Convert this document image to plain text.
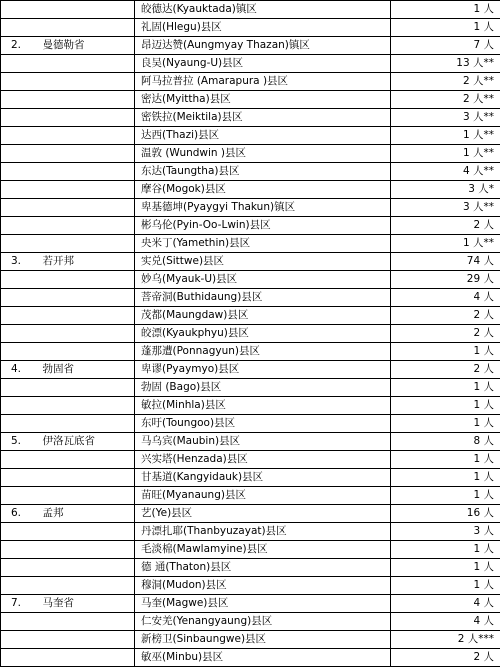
		皎德达(Kyauktada)镇区	1 人
		礼固(Hlegu)县区	1 人
2.	曼德勒省	昂迈达赞(Aungmyay Thazan)镇区	7 人
		良吴(Nyaung-U)县区	13 人**
		阿马拉普拉 (Amarapura )县区	2 人**
		密达(Myittha)县区	2 人**
		密铁拉(Meiktila)县区	3 人**
		达西(Thazi)县区	1 人**
		温敦 (Wundwin )县区	1 人**
		东达(Taungtha)县区	4 人**
		摩谷(Mogok)县区	3 人*
		卑基德坤(Pyaygyi Thakun)镇区	3 人**
		彬乌伦(Pyin-Oo-Lwin)县区	2 人
		央米丁(Yamethin)县区	1 人**
3.	若开邦	实兑(Sittwe)县区	74 人
		妙乌(Myauk-U)县区	29 人
		菩帝洞(Buthidaung)县区	4 人
		茂都(Maungdaw)县区	2 人
		皎漂(Kyaukphyu)县区	2 人
		蓬那遭(Ponnagyun)县区	1 人
4.	勃固省	卑谬(Pyaymyo)县区	2 人
		勃固 (Bago)县区	1 人
		敏拉(Minhla)县区	1 人
		东吁(Toungoo)县区	1 人
5.	伊洛瓦底省	马乌宾(Maubin)县区	8 人
		兴实塔(Henzada)县区	1 人
		甘基道(Kangyidauk)县区	1 人
		苗旺(Myanaung)县区	1 人
6.	孟邦	艺(Ye)县区	16 人
		丹漂扎耶(Thanbyuzayat)县区	3 人
		毛淡棉(Mawlamyine)县区	1 人
		德 通(Thaton)县区	1 人
		穆洞(Mudon)县区	1 人
7.	马奎省	马奎(Magwe)县区	4 人
		仁安羌(Yenangyaung)县区	4 人
		新榜卫(Sinbaungwe)县区	2 人***
		敏巫(Minbu)县区	2 人
